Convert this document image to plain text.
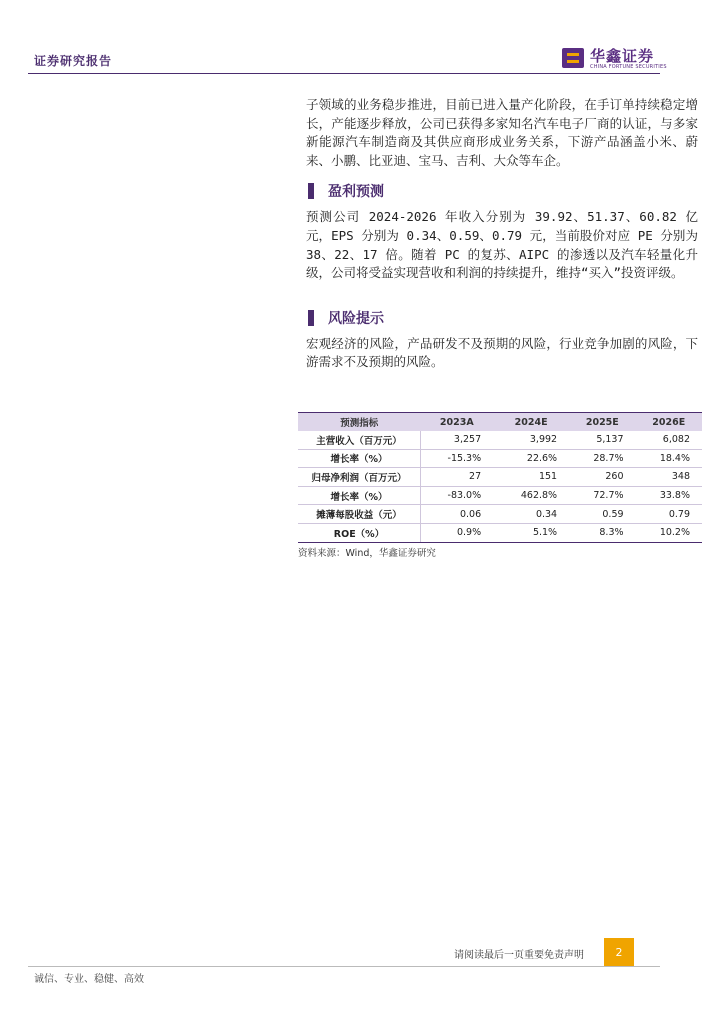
证券研究报告	华鑫证券
CHINA FORTUNE SECURITIES

子领域的业务稳步推进，目前已进入量产化阶段，在手订单持续稳定增长，产能逐步释放，公司已获得多家知名汽车电子厂商的认证，与多家新能源汽车制造商及其供应商形成业务关系，下游产品涵盖小米、蔚来、小鹏、比亚迪、宝马、吉利、大众等车企。

盈利预测

预测公司 2024-2026 年收入分别为 39.92、51.37、60.82 亿元，EPS 分别为 0.34、0.59、0.79 元，当前股价对应 PE 分别为 38、22、17 倍。随着 PC 的复苏、AIPC 的渗透以及汽车轻量化升级，公司将受益实现营收和利润的持续提升，维持“买入”投资评级。

风险提示

宏观经济的风险，产品研发不及预期的风险，行业竞争加剧的风险，下游需求不及预期的风险。

预测指标	2023A	2024E	2025E	2026E
主营收入（百万元）	3,257	3,992	5,137	6,082
增长率（%）	-15.3%	22.6%	28.7%	18.4%
归母净利润（百万元）	27	151	260	348
增长率（%）	-83.0%	462.8%	72.7%	33.8%
摊薄每股收益（元）	0.06	0.34	0.59	0.79
ROE（%）	0.9%	5.1%	8.3%	10.2%
资料来源：Wind，华鑫证券研究
请阅读最后一页重要免责声明	2
诚信、专业、稳健、高效
